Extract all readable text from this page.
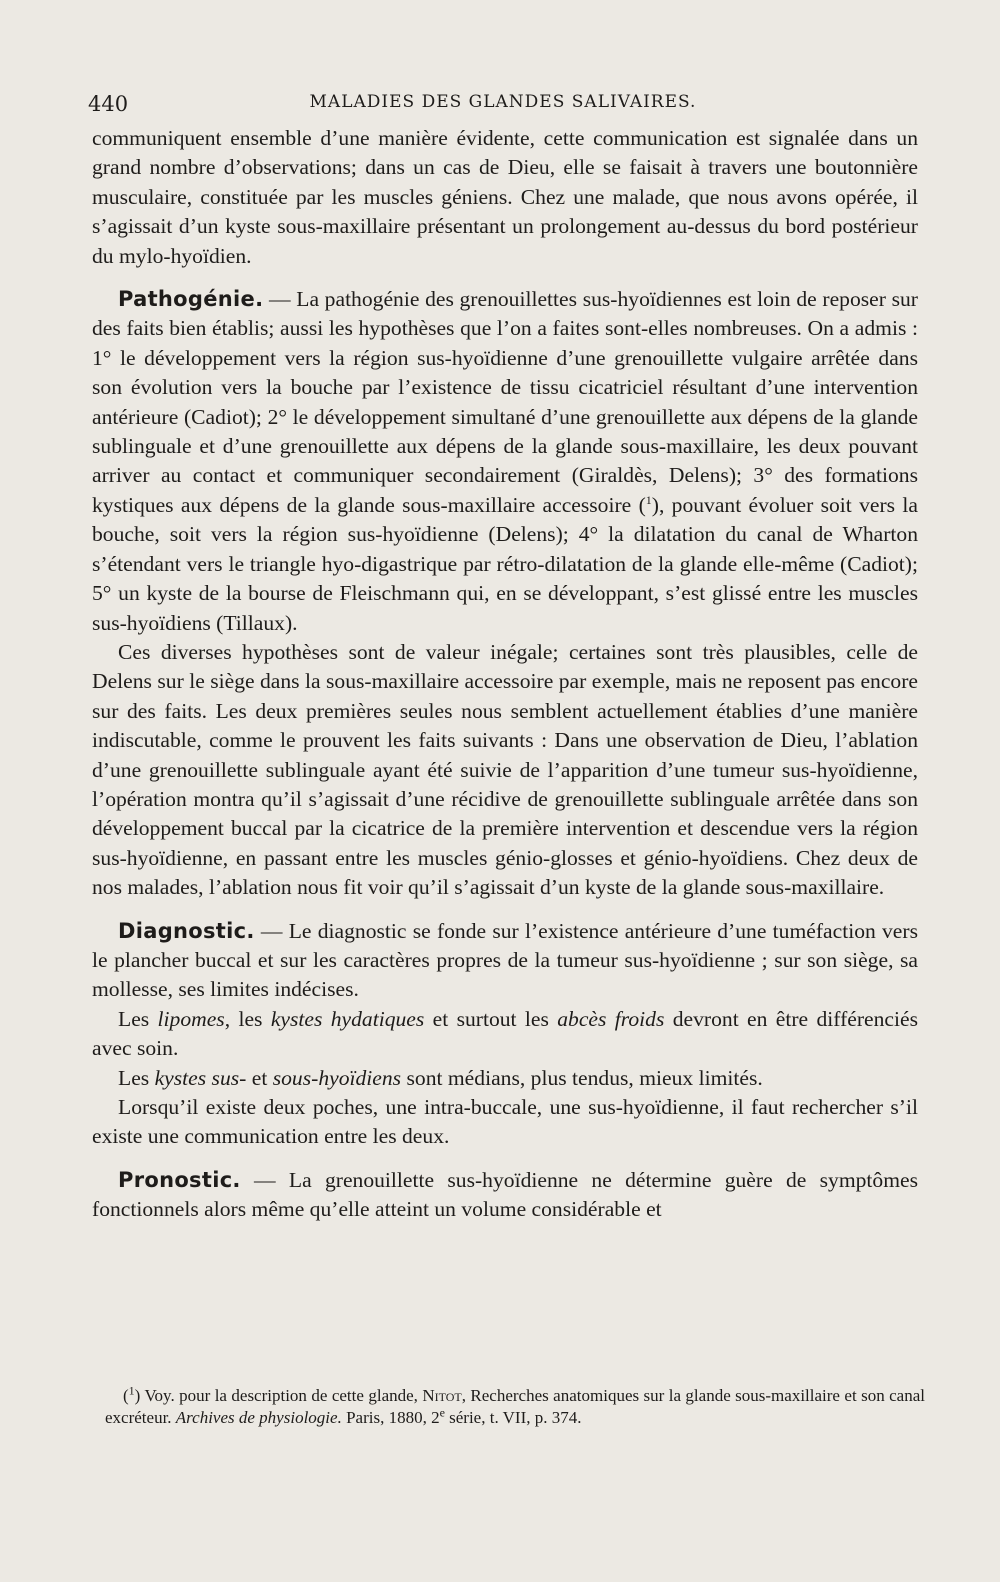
440	MALADIES DES GLANDES SALIVAIRES.

communiquent ensemble d’une manière évidente, cette communication est signalée dans un grand nombre d’observations; dans un cas de Dieu, elle se faisait à travers une boutonnière musculaire, constituée par les muscles géniens. Chez une malade, que nous avons opérée, il s’agissait d’un kyste sous-maxillaire présentant un prolongement au-dessus du bord postérieur du mylo-hyoïdien.

Pathogénie. — La pathogénie des grenouillettes sus-hyoïdiennes est loin de reposer sur des faits bien établis; aussi les hypothèses que l’on a faites sont-elles nombreuses. On a admis : 1° le développement vers la région sus-hyoïdienne d’une grenouillette vulgaire arrêtée dans son évolution vers la bouche par l’existence de tissu cicatriciel résultant d’une intervention antérieure (Cadiot); 2° le développement simultané d’une grenouillette aux dépens de la glande sublinguale et d’une grenouillette aux dépens de la glande sous-maxillaire, les deux pouvant arriver au contact et communiquer secondairement (Giraldès, Delens); 3° des formations kystiques aux dépens de la glande sous-maxillaire accessoire ($^1$), pouvant évoluer soit vers la bouche, soit vers la région sus-hyoïdienne (Delens); 4° la dilatation du canal de Wharton s’étendant vers le triangle hyo-digastrique par rétro-dilatation de la glande elle-même (Cadiot); 5° un kyste de la bourse de Fleischmann qui, en se développant, s’est glissé entre les muscles sus-hyoïdiens (Tillaux).

Ces diverses hypothèses sont de valeur inégale; certaines sont très plausibles, celle de Delens sur le siège dans la sous-maxillaire accessoire par exemple, mais ne reposent pas encore sur des faits. Les deux premières seules nous semblent actuellement établies d’une manière indiscutable, comme le prouvent les faits suivants : Dans une observation de Dieu, l’ablation d’une grenouillette sublinguale ayant été suivie de l’apparition d’une tumeur sus-hyoïdienne, l’opération montra qu’il s’agissait d’une récidive de grenouillette sublinguale arrêtée dans son développement buccal par la cicatrice de la première intervention et descendue vers la région sus-hyoïdienne, en passant entre les muscles génio-glosses et génio-hyoïdiens. Chez deux de nos malades, l’ablation nous fit voir qu’il s’agissait d’un kyste de la glande sous-maxillaire.

Diagnostic. — Le diagnostic se fonde sur l’existence antérieure d’une tuméfaction vers le plancher buccal et sur les caractères propres de la tumeur sus-hyoïdienne ; sur son siège, sa mollesse, ses limites indécises.

Les lipomes, les kystes hydatiques et surtout les abcès froids devront en être différenciés avec soin.

Les kystes sus- et sous-hyoïdiens sont médians, plus tendus, mieux limités.

Lorsqu’il existe deux poches, une intra-buccale, une sus-hyoïdienne, il faut rechercher s’il existe une communication entre les deux.

Pronostic. — La grenouillette sus-hyoïdienne ne détermine guère de symptômes fonctionnels alors même qu’elle atteint un volume considérable et

($^1$) Voy. pour la description de cette glande, Nitot, Recherches anatomiques sur la glande sous-maxillaire et son canal excréteur. Archives de physiologie. Paris, 1880, 2e série, t. VII, p. 374.
